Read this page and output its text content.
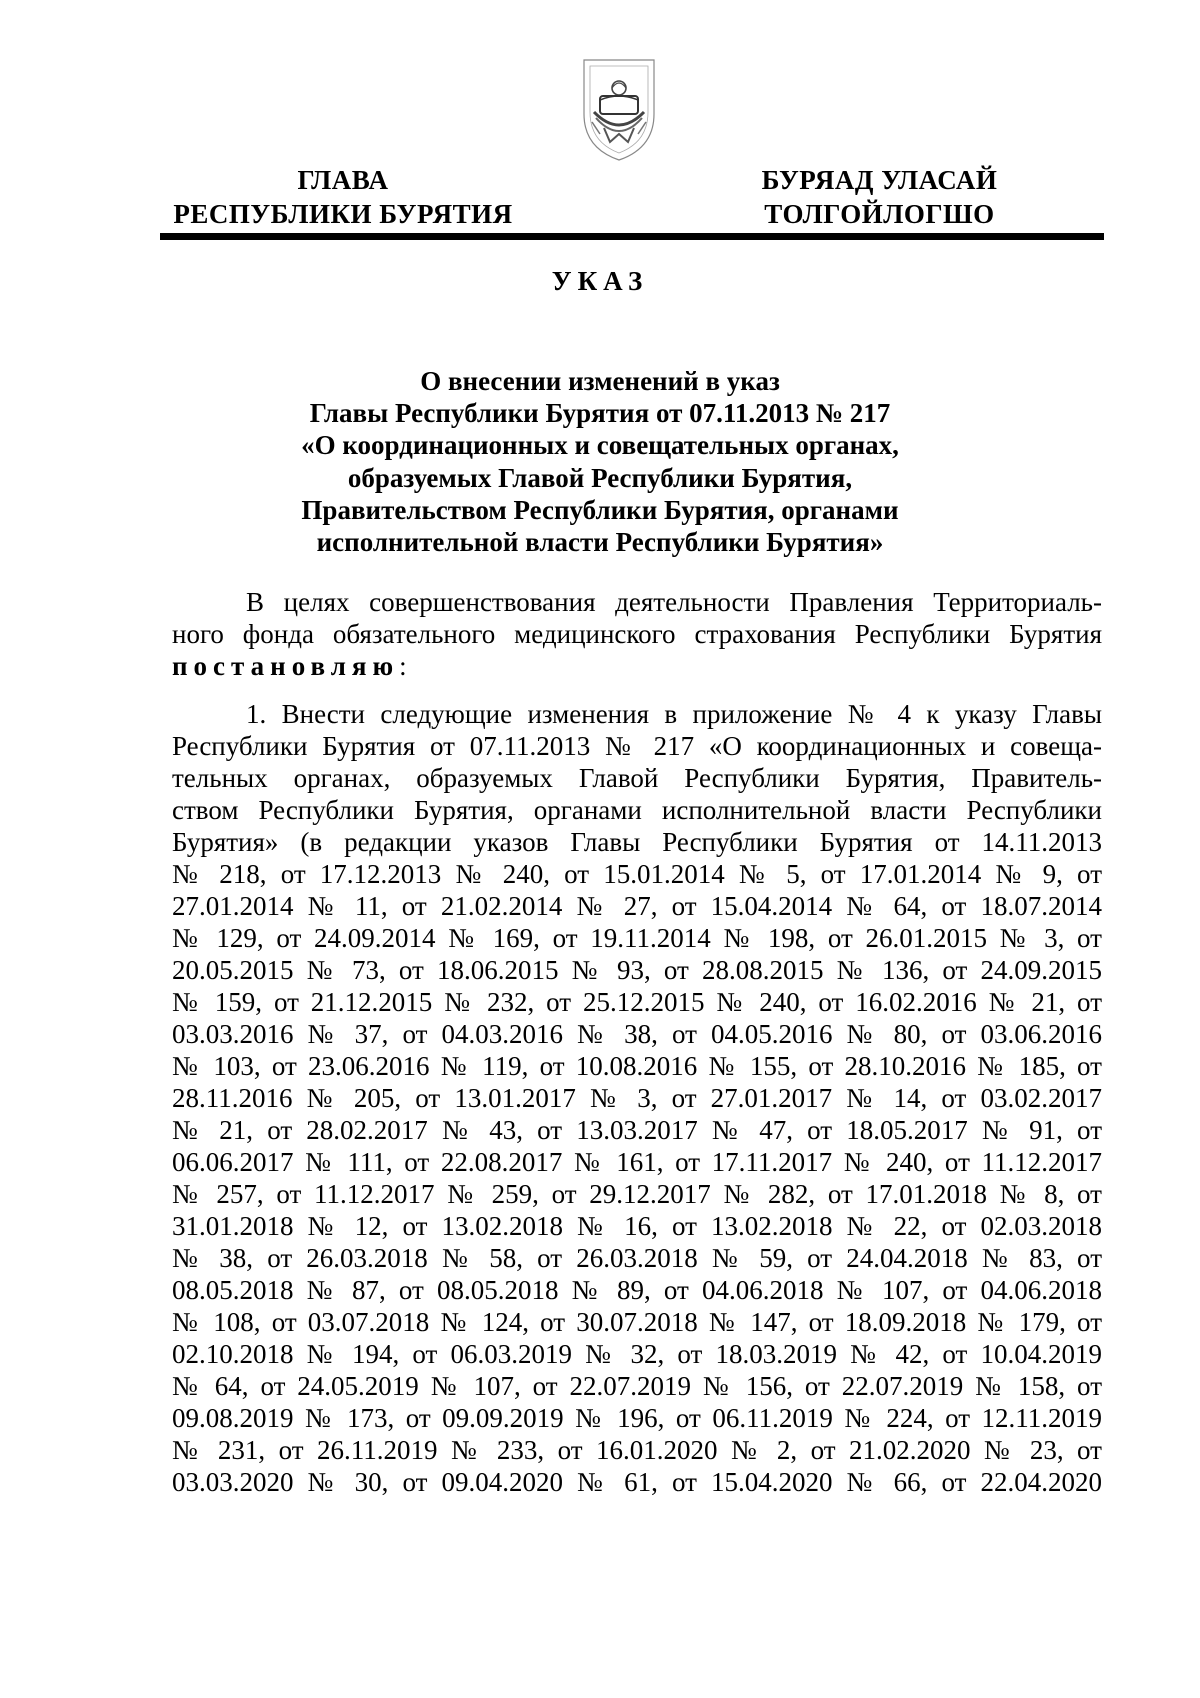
ГЛАВА
РЕСПУБЛИКИ БУРЯТИЯ
БУРЯАД УЛАСАЙ
ТОЛГОЙЛОГШО
УКАЗ
О внесении изменений в указ
Главы Республики Бурятия от 07.11.2013 № 217
«О координационных и совещательных органах,
образуемых Главой Республики Бурятия,
Правительством Республики Бурятия, органами
исполнительной власти Республики Бурятия»
В целях совершенствования деятельности Правления Территориаль-
ного фонда обязательного медицинского страхования Республики Бурятия
постановляю:
1. Внести следующие изменения в приложение № 4 к указу Главы
Республики Бурятия от 07.11.2013 № 217 «О координационных и совеща-
тельных органах, образуемых Главой Республики Бурятия, Правитель-
ством Республики Бурятия, органами исполнительной власти Республики
Бурятия» (в редакции указов Главы Республики Бурятия от 14.11.2013
№ 218, от 17.12.2013 № 240, от 15.01.2014 № 5, от 17.01.2014 № 9, от
27.01.2014 № 11, от 21.02.2014 № 27, от 15.04.2014 № 64, от 18.07.2014
№ 129, от 24.09.2014 № 169, от 19.11.2014 № 198, от 26.01.2015 № 3, от
20.05.2015 № 73, от 18.06.2015 № 93, от 28.08.2015 № 136, от 24.09.2015
№ 159, от 21.12.2015 № 232, от 25.12.2015 № 240, от 16.02.2016 № 21, от
03.03.2016 № 37, от 04.03.2016 № 38, от 04.05.2016 № 80, от 03.06.2016
№ 103, от 23.06.2016 № 119, от 10.08.2016 № 155, от 28.10.2016 № 185, от
28.11.2016 № 205, от 13.01.2017 № 3, от 27.01.2017 № 14, от 03.02.2017
№ 21, от 28.02.2017 № 43, от 13.03.2017 № 47, от 18.05.2017 № 91, от
06.06.2017 № 111, от 22.08.2017 № 161, от 17.11.2017 № 240, от 11.12.2017
№ 257, от 11.12.2017 № 259, от 29.12.2017 № 282, от 17.01.2018 № 8, от
31.01.2018 № 12, от 13.02.2018 № 16, от 13.02.2018 № 22, от 02.03.2018
№ 38, от 26.03.2018 № 58, от 26.03.2018 № 59, от 24.04.2018 № 83, от
08.05.2018 № 87, от 08.05.2018 № 89, от 04.06.2018 № 107, от 04.06.2018
№ 108, от 03.07.2018 № 124, от 30.07.2018 № 147, от 18.09.2018 № 179, от
02.10.2018 № 194, от 06.03.2019 № 32, от 18.03.2019 № 42, от 10.04.2019
№ 64, от 24.05.2019 № 107, от 22.07.2019 № 156, от 22.07.2019 № 158, от
09.08.2019 № 173, от 09.09.2019 № 196, от 06.11.2019 № 224, от 12.11.2019
№ 231, от 26.11.2019 № 233, от 16.01.2020 № 2, от 21.02.2020 № 23, от
03.03.2020 № 30, от 09.04.2020 № 61, от 15.04.2020 № 66, от 22.04.2020
